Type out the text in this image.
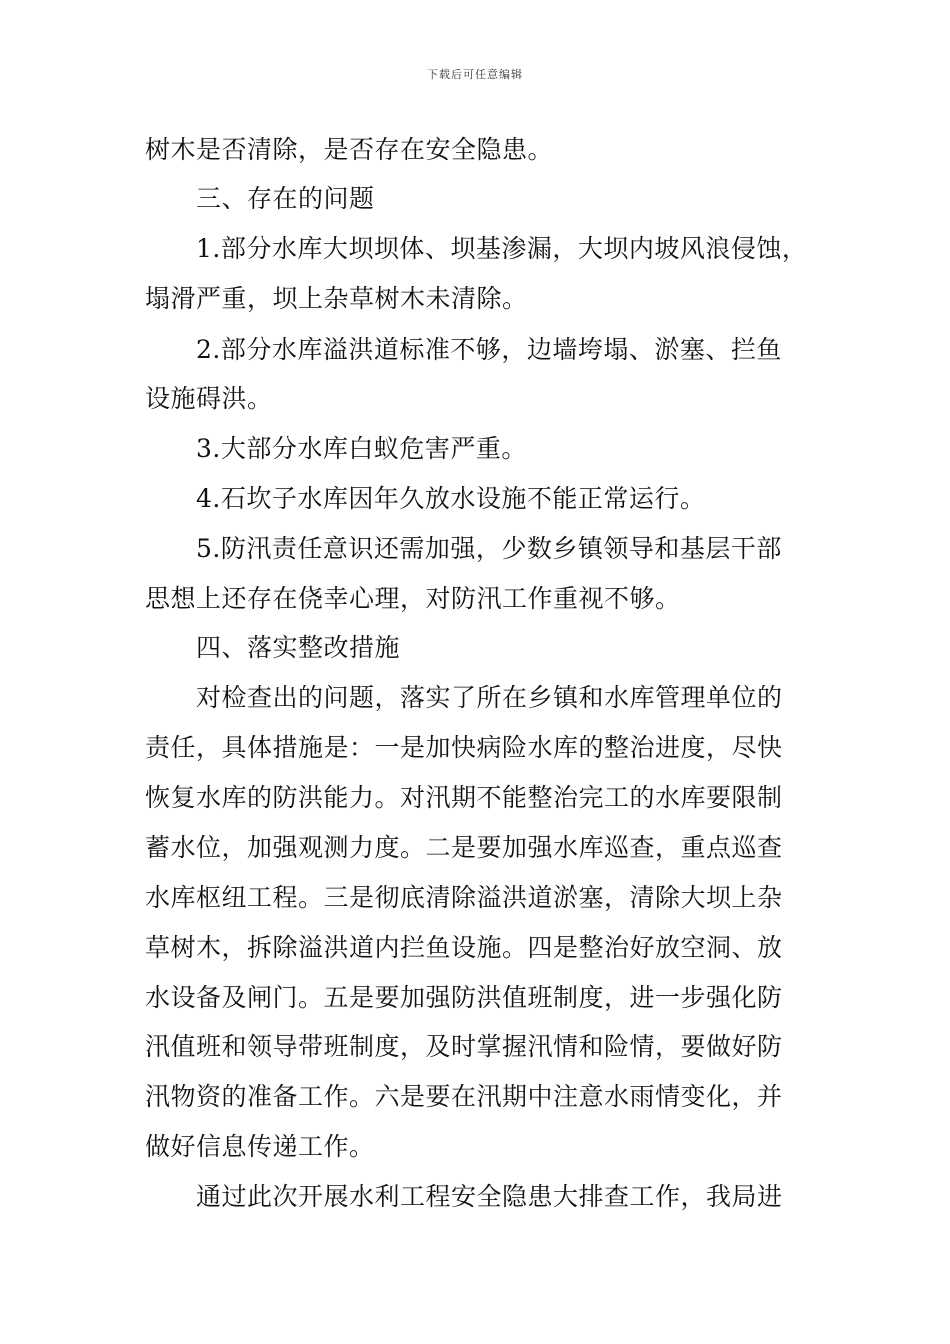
下载后可任意编辑
树木是否清除，是否存在安全隐患。
三、存在的问题
1.部分水库大坝坝体、坝基渗漏，大坝内坡风浪侵蚀，
塌滑严重，坝上杂草树木未清除。
2.部分水库溢洪道标准不够，边墙垮塌、淤塞、拦鱼
设施碍洪。
3.大部分水库白蚁危害严重。
4.石坎子水库因年久放水设施不能正常运行。
5.防汛责任意识还需加强，少数乡镇领导和基层干部
思想上还存在侥幸心理，对防汛工作重视不够。
四、落实整改措施
对检查出的问题，落实了所在乡镇和水库管理单位的
责任，具体措施是：一是加快病险水库的整治进度，尽快
恢复水库的防洪能力。对汛期不能整治完工的水库要限制
蓄水位，加强观测力度。二是要加强水库巡查，重点巡查
水库枢纽工程。三是彻底清除溢洪道淤塞，清除大坝上杂
草树木，拆除溢洪道内拦鱼设施。四是整治好放空洞、放
水设备及闸门。五是要加强防洪值班制度，进一步强化防
汛值班和领导带班制度，及时掌握汛情和险情，要做好防
汛物资的准备工作。六是要在汛期中注意水雨情变化，并
做好信息传递工作。
通过此次开展水利工程安全隐患大排查工作，我局进
